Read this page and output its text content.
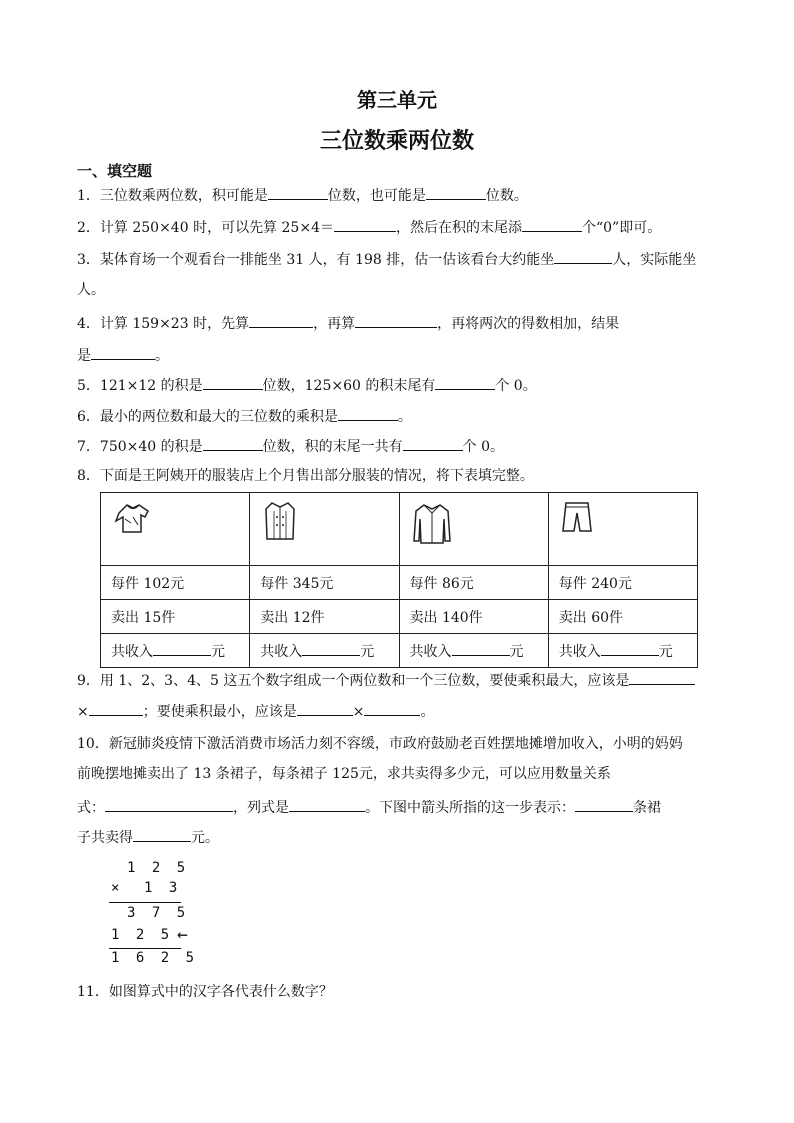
第三单元
三位数乘两位数
一、填空题
1．三位数乘两位数，积可能是	位数，也可能是	位数。
2．计算 250×40 时，可以先算 25×4＝	，然后在积的末尾添	个“0”即可。
3．某体育场一个观看台一排能坐 31 人，有 198 排，估一估该看台大约能坐	人，实际能坐
人。
4．计算 159×23 时，先算	，再算	，再将两次的得数相加，结果
是	。
5．121×12 的积是	位数，125×60 的积末尾有	个 0。
6．最小的两位数和最大的三位数的乘积是	。
7．750×40 的积是	位数，积的末尾一共有	个 0。
8．下面是王阿姨开的服装店上个月售出部分服装的情况，将下表填完整。

每件 102元	每件 345元	每件 86元	每件 240元
卖出 15件	卖出 12件	卖出 140件	卖出 60件
共收入 元	共收入 元	共收入 元	共收入 元
9．用 1、2、3、4、5 这五个数字组成一个两位数和一个三位数，要使乘积最大，应该是
×	；要使乘积最小，应该是	×	。
10．新冠肺炎疫情下激活消费市场活力刻不容缓，市政府鼓励老百姓摆地摊增加收入，小明的妈妈
前晚摆地摊卖出了 13 条裙子，每条裙子 125元，求共卖得多少元，可以应用数量关系
式：	，列式是	。下图中箭头所指的这一步表示：	条裙
子共卖得	元。
1 2 5
× 1 3
3 7 5
1 2 5 ←
1 6 2 5
11．如图算式中的汉字各代表什么数字？
